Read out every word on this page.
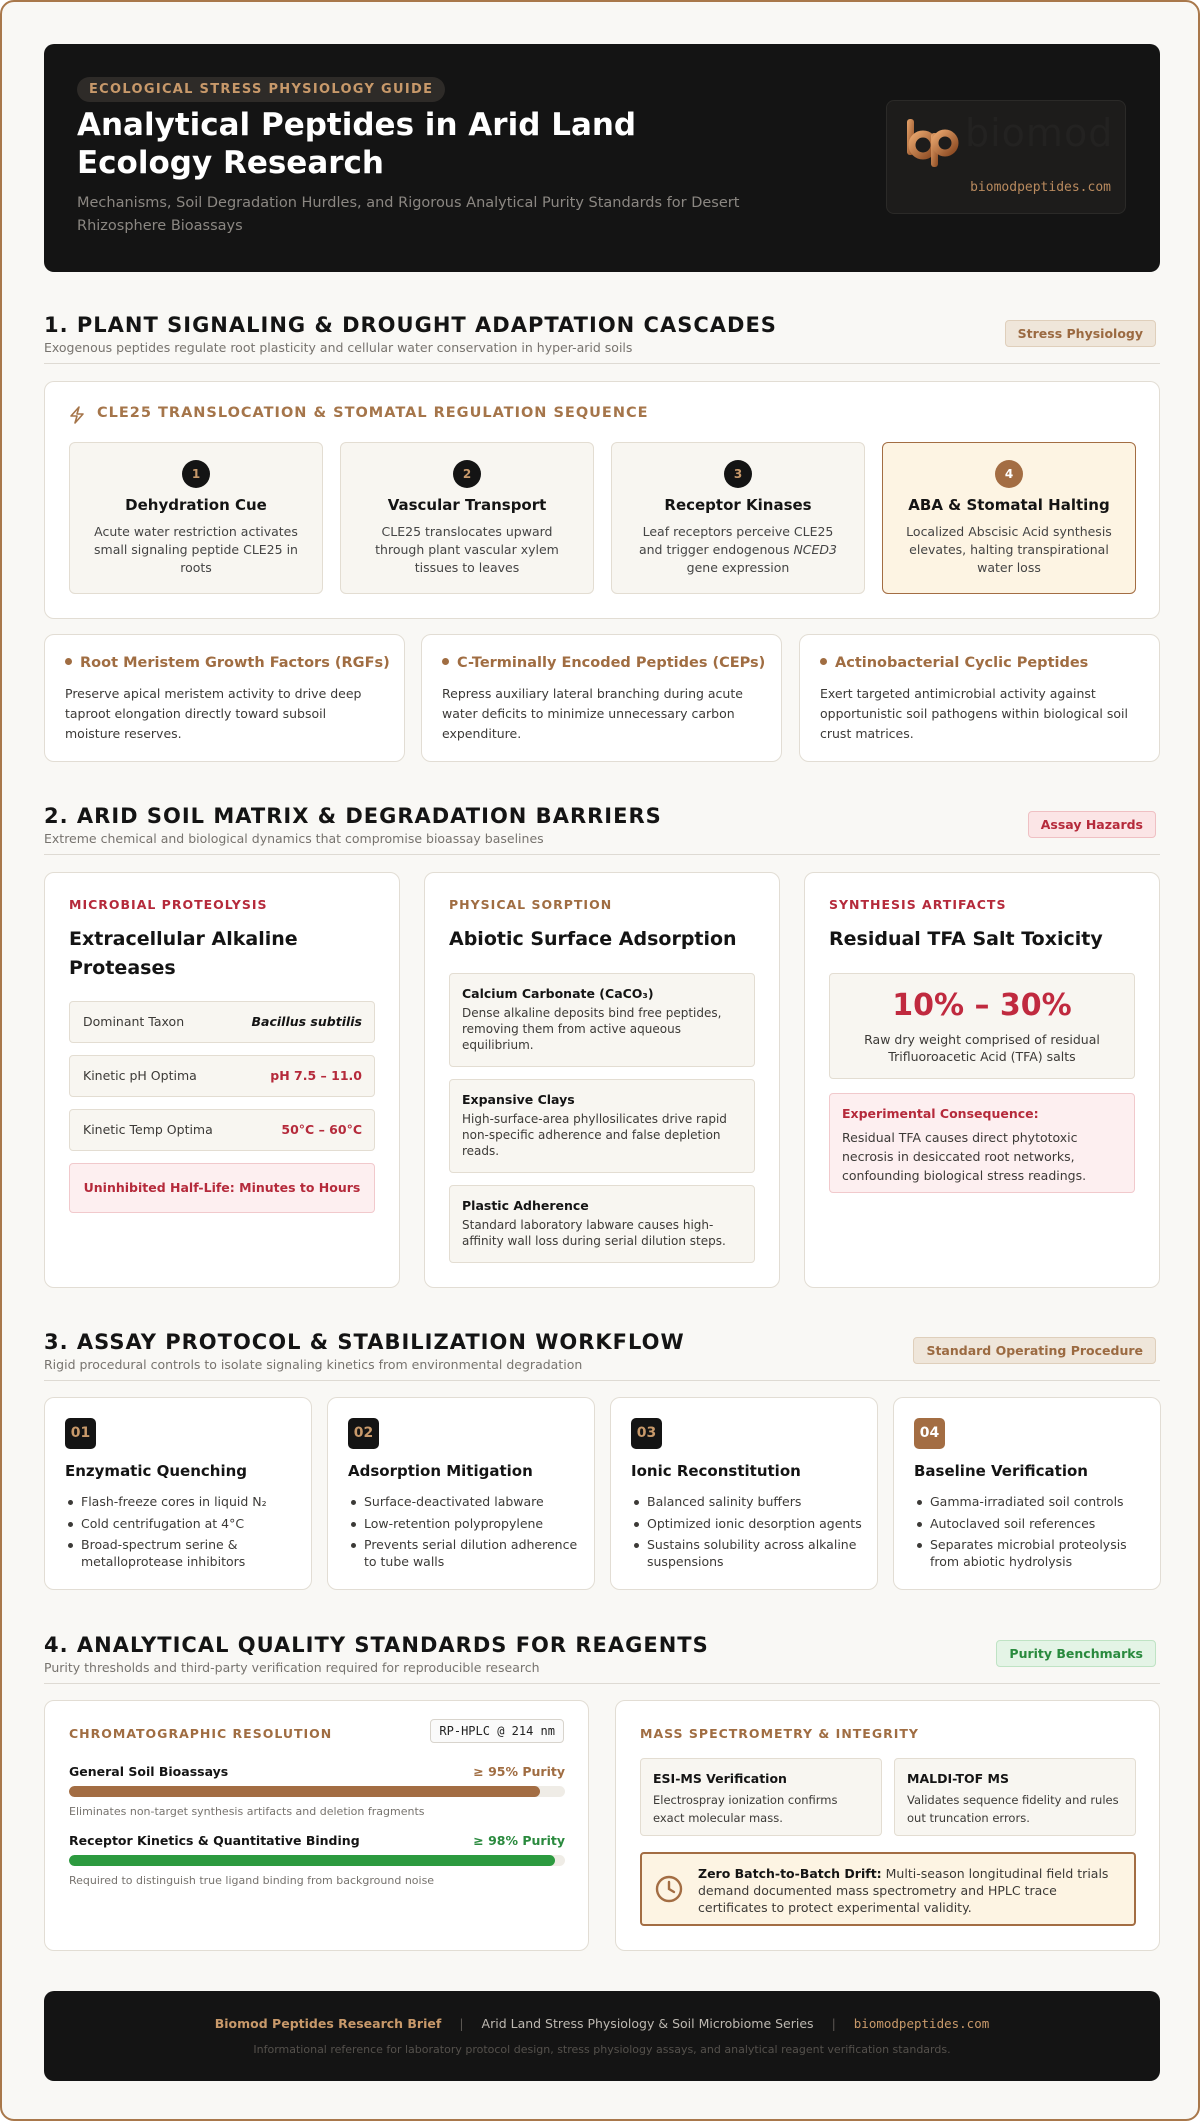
ECOLOGICAL STRESS PHYSIOLOGY GUIDE
Analytical Peptides in Arid Land Ecology Research
Mechanisms, Soil Degradation Hurdles, and Rigorous Analytical Purity Standards for Desert Rhizosphere Bioassays
biomod
biomodpeptides.com
1. PLANT SIGNALING & DROUGHT ADAPTATION CASCADES
Exogenous peptides regulate root plasticity and cellular water conservation in hyper-arid soils
Stress Physiology
CLE25 TRANSLOCATION & STOMATAL REGULATION SEQUENCE
1
Dehydration Cue
Acute water restriction activates small signaling peptide CLE25 in roots
2
Vascular Transport
CLE25 translocates upward through plant vascular xylem tissues to leaves
3
Receptor Kinases
Leaf receptors perceive CLE25 and trigger endogenous NCED3 gene expression
4
ABA & Stomatal Halting
Localized Abscisic Acid synthesis elevates, halting transpirational water loss
Root Meristem Growth Factors (RGFs)
Preserve apical meristem activity to drive deep taproot elongation directly toward subsoil moisture reserves.
C-Terminally Encoded Peptides (CEPs)
Repress auxiliary lateral branching during acute water deficits to minimize unnecessary carbon expenditure.
Actinobacterial Cyclic Peptides
Exert targeted antimicrobial activity against opportunistic soil pathogens within biological soil crust matrices.
2. ARID SOIL MATRIX & DEGRADATION BARRIERS
Extreme chemical and biological dynamics that compromise bioassay baselines
Assay Hazards
MICROBIAL PROTEOLYSIS
Extracellular Alkaline Proteases
Dominant Taxon	Bacillus subtilis
Kinetic pH Optima	pH 7.5 – 11.0
Kinetic Temp Optima	50°C – 60°C
Uninhibited Half-Life: Minutes to Hours
PHYSICAL SORPTION
Abiotic Surface Adsorption
Calcium Carbonate (CaCO₃)
Dense alkaline deposits bind free peptides, removing them from active aqueous equilibrium.
Expansive Clays
High-surface-area phyllosilicates drive rapid non-specific adherence and false depletion reads.
Plastic Adherence
Standard laboratory labware causes high-affinity wall loss during serial dilution steps.
SYNTHESIS ARTIFACTS
Residual TFA Salt Toxicity
10% – 30%
Raw dry weight comprised of residual Trifluoroacetic Acid (TFA) salts
Experimental Consequence:
Residual TFA causes direct phytotoxic necrosis in desiccated root networks, confounding biological stress readings.
3. ASSAY PROTOCOL & STABILIZATION WORKFLOW
Rigid procedural controls to isolate signaling kinetics from environmental degradation
Standard Operating Procedure
01
Enzymatic Quenching
Flash-freeze cores in liquid N₂
Cold centrifugation at 4°C
Broad-spectrum serine & metalloprotease inhibitors
02
Adsorption Mitigation
Surface-deactivated labware
Low-retention polypropylene
Prevents serial dilution adherence to tube walls
03
Ionic Reconstitution
Balanced salinity buffers
Optimized ionic desorption agents
Sustains solubility across alkaline suspensions
04
Baseline Verification
Gamma-irradiated soil controls
Autoclaved soil references
Separates microbial proteolysis from abiotic hydrolysis
4. ANALYTICAL QUALITY STANDARDS FOR REAGENTS
Purity thresholds and third-party verification required for reproducible research
Purity Benchmarks
CHROMATOGRAPHIC RESOLUTION	RP-HPLC @ 214 nm
General Soil Bioassays	≥ 95% Purity
Eliminates non-target synthesis artifacts and deletion fragments
Receptor Kinetics & Quantitative Binding	≥ 98% Purity
Required to distinguish true ligand binding from background noise
MASS SPECTROMETRY & INTEGRITY
ESI-MS Verification
Electrospray ionization confirms exact molecular mass.
MALDI-TOF MS
Validates sequence fidelity and rules out truncation errors.
Zero Batch-to-Batch Drift: Multi-season longitudinal field trials demand documented mass spectrometry and HPLC trace certificates to protect experimental validity.
Biomod Peptides Research Brief | Arid Land Stress Physiology & Soil Microbiome Series | biomodpeptides.com
Informational reference for laboratory protocol design, stress physiology assays, and analytical reagent verification standards.
